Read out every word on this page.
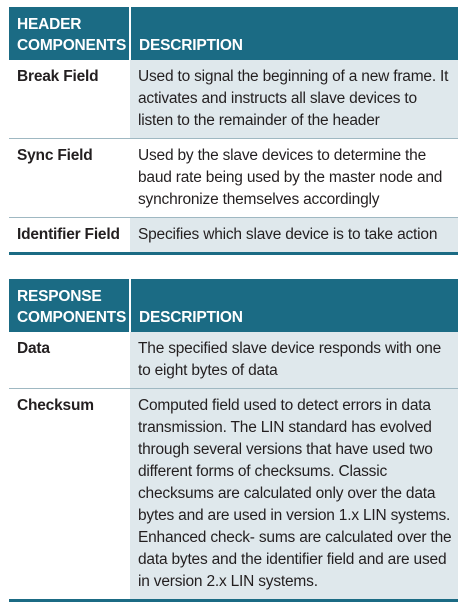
HEADER
COMPONENTS	DESCRIPTION
Break Field	Used to signal the beginning of a new frame. It activates and instructs all slave devices to listen to the remainder of the header
Sync Field	Used by the slave devices to determine the baud rate being used by the master node and synchronize themselves accordingly
Identifier Field	Specifies which slave device is to take action
RESPONSE
COMPONENTS	DESCRIPTION
Data	The specified slave device responds with one to eight bytes of data
Checksum	Computed field used to detect errors in data transmission. The LIN standard has evolved through several versions that have used two different forms of checksums. Classic checksums are calculated only over the data bytes and are used in version 1.x LIN systems. Enhanced check- sums are calculated over the data bytes and the identifier field and are used in version 2.x LIN systems.
